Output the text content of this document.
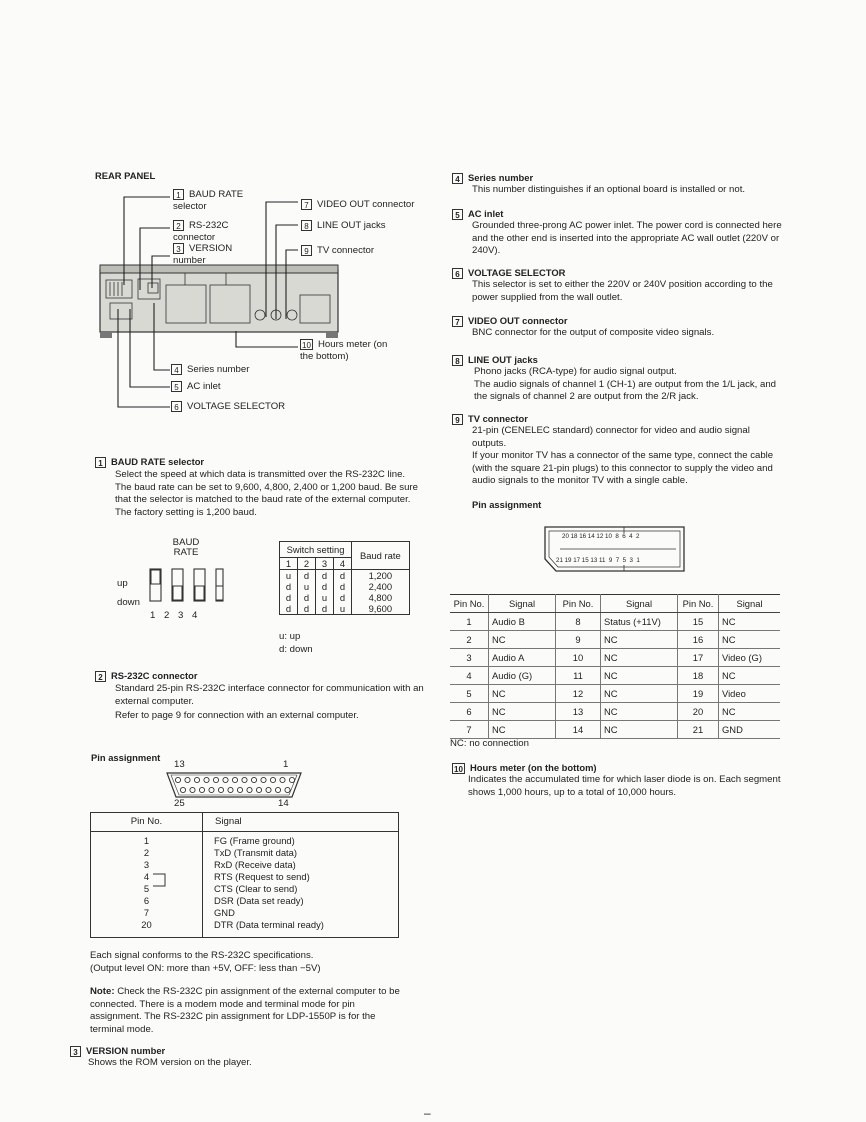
REAR PANEL
1 BAUD RATE selector
2 RS-232C connector
3 VERSION number
4 Series number
5 AC inlet
6 VOLTAGE SELECTOR
7 VIDEO OUT connector
8 LINE OUT jacks
9 TV connector
10 Hours meter (on the bottom)
1 BAUD RATE selector
Select the speed at which data is transmitted over the RS-232C line. The baud rate can be set to 9,600, 4,800, 2,400 or 1,200 baud. Be sure that the selector is matched to the baud rate of the external computer. The factory setting is 1,200 baud.
BAUD RATE
up
down
1 2 3 4
Switch setting				Baud rate
1	2	3	4	
u	d	d	d	1,200
d	u	d	d	2,400
d	d	u	d	4,800
d	d	d	u	9,600
u: up
d: down
2 RS-232C connector
Standard 25-pin RS-232C interface connector for communication with an external computer.
Refer to page 9 for connection with an external computer.
Pin assignment
13	1
25	14
Pin No.	Signal
1	FG (Frame ground)
2	TxD (Transmit data)
3	RxD (Receive data)
4	RTS (Request to send)
5	CTS (Clear to send)
6	DSR (Data set ready)
7	GND
20	DTR (Data terminal ready)
Each signal conforms to the RS-232C specifications.
(Output level ON: more than +5V, OFF: less than −5V)
Note: Check the RS-232C pin assignment of the external computer to be connected. There is a modem mode and terminal mode for pin assignment. The RS-232C pin assignment for LDP-1550P is for the terminal mode.
3 VERSION number
Shows the ROM version on the player.
4 Series number
This number distinguishes if an optional board is installed or not.
5 AC inlet
Grounded three-prong AC power inlet. The power cord is connected here and the other end is inserted into the appropriate AC wall outlet (220V or 240V).
6 VOLTAGE SELECTOR
This selector is set to either the 220V or 240V position according to the power supplied from the wall outlet.
7 VIDEO OUT connector
BNC connector for the output of composite video signals.
8 LINE OUT jacks
Phono jacks (RCA-type) for audio signal output.
The audio signals of channel 1 (CH-1) are output from the 1/L jack, and the signals of channel 2 are output from the 2/R jack.
9 TV connector
21-pin (CENELEC standard) connector for video and audio signal outputs.
If your monitor TV has a connector of the same type, connect the cable (with the square 21-pin plugs) to this connector to supply the video and audio signals to the monitor TV with a single cable.
Pin assignment
20 18 16 14 12 10  8  6  4  2
21 19 17 15 13 11  9  7  5  3  1
Pin No.	Signal	Pin No.	Signal	Pin No.	Signal
1	Audio B	8	Status (+11V)	15	NC
2	NC	9	NC	16	NC
3	Audio A	10	NC	17	Video (G)
4	Audio (G)	11	NC	18	NC
5	NC	12	NC	19	Video
6	NC	13	NC	20	NC
7	NC	14	NC	21	GND
NC: no connection
10 Hours meter (on the bottom)
Indicates the accumulated time for which laser diode is on. Each segment shows 1,000 hours, up to a total of 10,000 hours.
–
